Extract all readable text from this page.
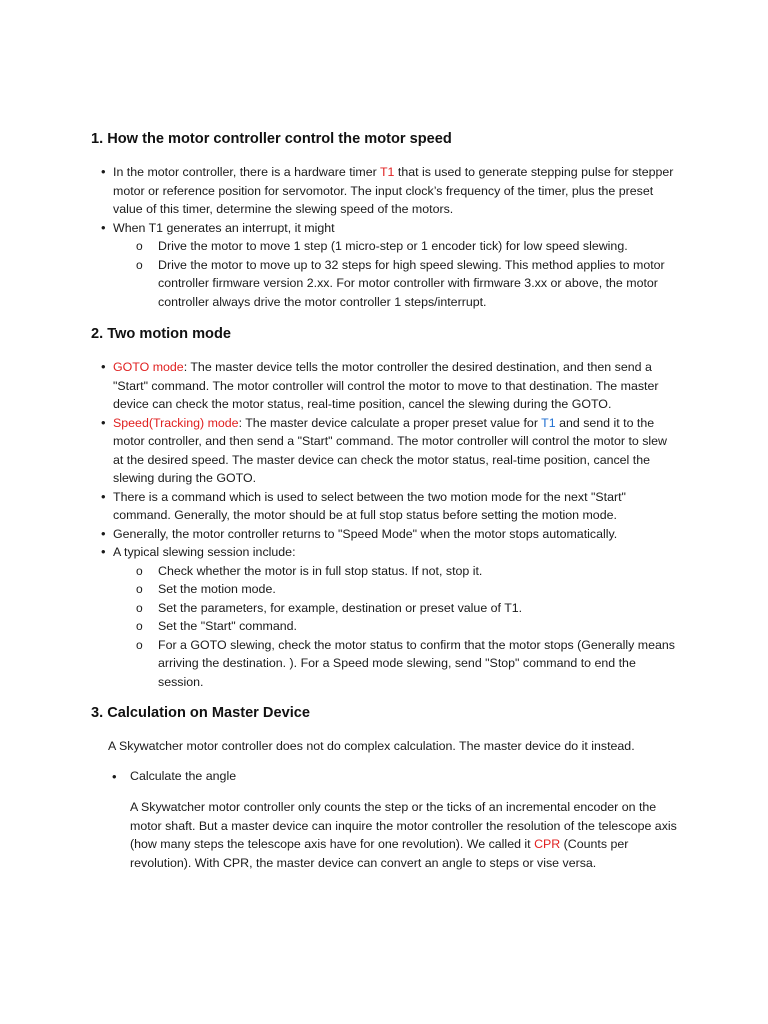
1. How the motor controller control the motor speed
• In the motor controller, there is a hardware timer T1 that is used to generate stepping pulse for stepper motor or reference position for servomotor. The input clock’s frequency of the timer, plus the preset value of this timer, determine the slewing speed of the motors.
• When T1 generates an interrupt, it might
o Drive the motor to move 1 step (1 micro-step or 1 encoder tick) for low speed slewing.
o Drive the motor to move up to 32 steps for high speed slewing. This method applies to motor controller firmware version 2.xx. For motor controller with firmware 3.xx or above, the motor controller always drive the motor controller 1 steps/interrupt.
2. Two motion mode
• GOTO mode: The master device tells the motor controller the desired destination, and then send a "Start" command. The motor controller will control the motor to move to that destination. The master device can check the motor status, real-time position, cancel the slewing during the GOTO.
• Speed(Tracking) mode: The master device calculate a proper preset value for T1 and send it to the motor controller, and then send a "Start" command. The motor controller will control the motor to slew at the desired speed. The master device can check the motor status, real-time position, cancel the slewing during the GOTO.
• There is a command which is used to select between the two motion mode for the next "Start" command. Generally, the motor should be at full stop status before setting the motion mode.
• Generally, the motor controller returns to "Speed Mode" when the motor stops automatically.
• A typical slewing session include:
o Check whether the motor is in full stop status. If not, stop it.
o Set the motion mode.
o Set the parameters, for example, destination or preset value of T1.
o Set the "Start" command.
o For a GOTO slewing, check the motor status to confirm that the motor stops (Generally means arriving the destination. ). For a Speed mode slewing, send "Stop" command to end the session.
3. Calculation on Master Device

A Skywatcher motor controller does not do complex calculation. The master device do it instead.

• Calculate the angle

A Skywatcher motor controller only counts the step or the ticks of an incremental encoder on the motor shaft. But a master device can inquire the motor controller the resolution of the telescope axis (how many steps the telescope axis have for one revolution). We called it CPR (Counts per revolution). With CPR, the master device can convert an angle to steps or vise versa.
